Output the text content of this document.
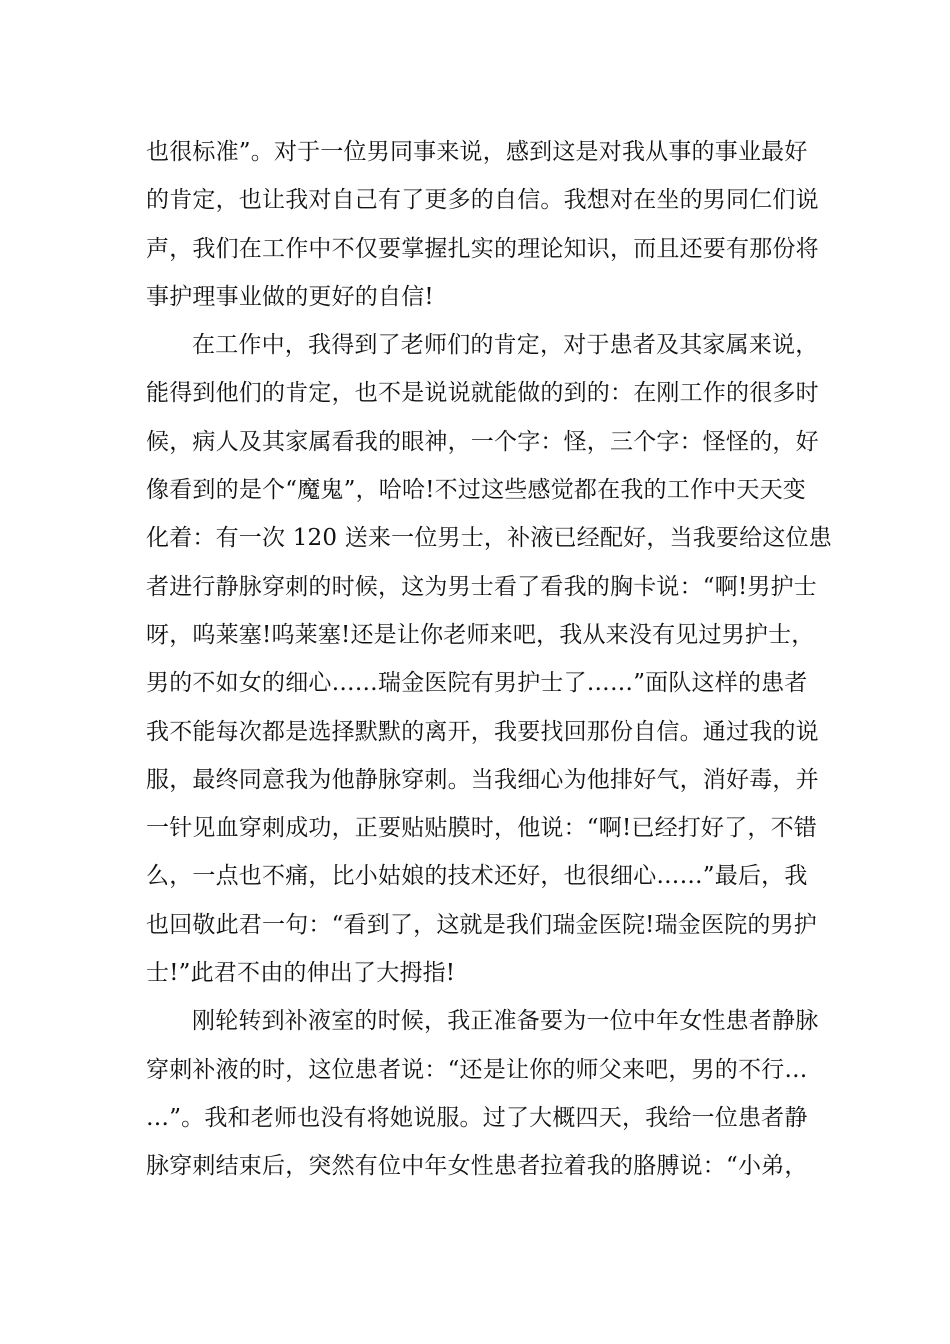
也很标准”。对于一位男同事来说，感到这是对我从事的事业最好
的肯定，也让我对自己有了更多的自信。我想对在坐的男同仁们说
声，我们在工作中不仅要掌握扎实的理论知识，而且还要有那份将
事护理事业做的更好的自信!
在工作中，我得到了老师们的肯定，对于患者及其家属来说，
能得到他们的肯定，也不是说说就能做的到的：在刚工作的很多时
候，病人及其家属看我的眼神，一个字：怪，三个字：怪怪的，好
像看到的是个“魔鬼”，哈哈!不过这些感觉都在我的工作中天天变
化着：有一次 120 送来一位男士，补液已经配好，当我要给这位患
者进行静脉穿刺的时候，这为男士看了看我的胸卡说：“啊!男护士
呀，呜莱塞!呜莱塞!还是让你老师来吧，我从来没有见过男护士，
男的不如女的细心……瑞金医院有男护士了……”面队这样的患者
我不能每次都是选择默默的离开，我要找回那份自信。通过我的说
服，最终同意我为他静脉穿刺。当我细心为他排好气，消好毒，并
一针见血穿刺成功，正要贴贴膜时，他说：“啊!已经打好了，不错
么，一点也不痛，比小姑娘的技术还好，也很细心……”最后，我
也回敬此君一句：“看到了，这就是我们瑞金医院!瑞金医院的男护
士!”此君不由的伸出了大拇指!
刚轮转到补液室的时候，我正准备要为一位中年女性患者静脉
穿刺补液的时，这位患者说：“还是让你的师父来吧，男的不行…
…”。我和老师也没有将她说服。过了大概四天，我给一位患者静
脉穿刺结束后，突然有位中年女性患者拉着我的胳膊说：“小弟，
